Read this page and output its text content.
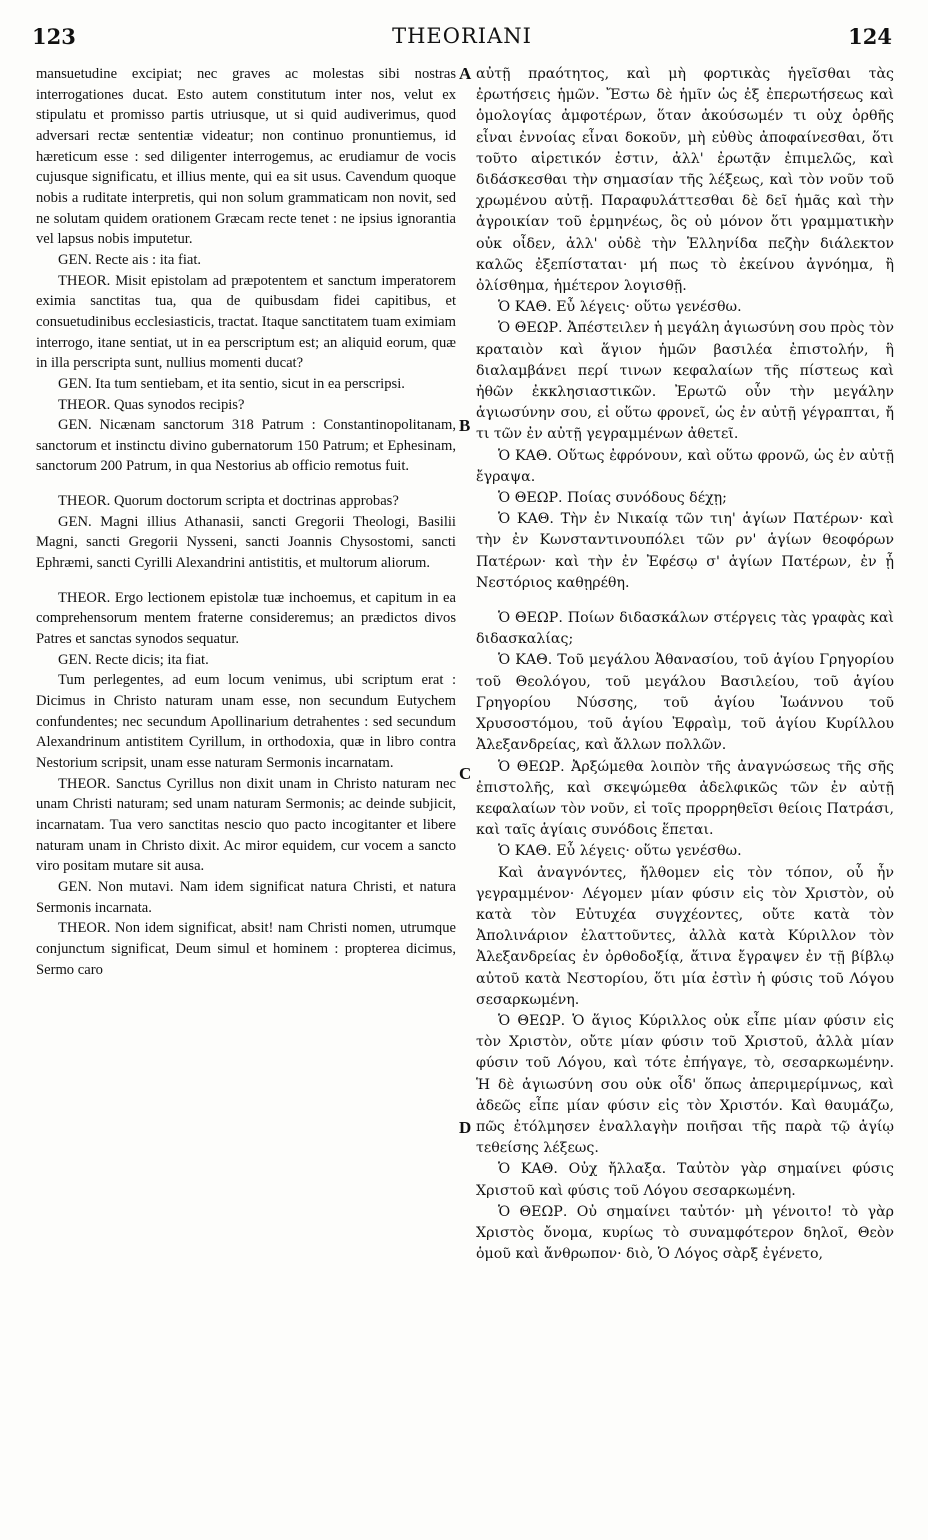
123	THEORIANI	124

mansuetudine excipiat; nec graves ac molestas sibi nostras interrogationes ducat. Esto autem constitutum inter nos, velut ex stipulatu et promisso partis utriusque, ut si quid audiverimus, quod adversari rectæ sententiæ videatur; non continuo pronuntiemus, id hæreticum esse : sed diligenter interrogemus, ac erudiamur de vocis cujusque significatu, et illius mente, qui ea sit usus. Cavendum quoque nobis a ruditate interpretis, qui non solum grammaticam non novit, sed ne solutam quidem orationem Græcam recte tenet : ne ipsius ignorantia vel lapsus nobis imputetur.

GEN. Recte ais : ita fiat.

THEOR. Misit epistolam ad præpotentem et sanctum imperatorem eximia sanctitas tua, qua de quibusdam fidei capitibus, et consuetudinibus ecclesiasticis, tractat. Itaque sanctitatem tuam eximiam interrogo, itane sentiat, ut in ea perscriptum est; an aliquid eorum, quæ in illa perscripta sunt, nullius momenti ducat?

GEN. Ita tum sentiebam, et ita sentio, sicut in ea perscripsi.

THEOR. Quas synodos recipis?

GEN. Nicænam sanctorum 318 Patrum : Constantinopolitanam, sanctorum et instinctu divino gubernatorum 150 Patrum; et Ephesinam, sanctorum 200 Patrum, in qua Nestorius ab officio remotus fuit.

THEOR. Quorum doctorum scripta et doctrinas approbas?

GEN. Magni illius Athanasii, sancti Gregorii Theologi, Basilii Magni, sancti Gregorii Nysseni, sancti Joannis Chysostomi, sancti Ephræmi, sancti Cyrilli Alexandrini antistitis, et multorum aliorum.

THEOR. Ergo lectionem epistolæ tuæ inchoemus, et capitum in ea comprehensorum mentem fraterne consideremus; an prædictos divos Patres et sanctas synodos sequatur.

GEN. Recte dicis; ita fiat.

Tum perlegentes, ad eum locum venimus, ubi scriptum erat : Dicimus in Christo naturam unam esse, non secundum Eutychem confundentes; nec secundum Apollinarium detrahentes : sed secundum Alexandrinum antistitem Cyrillum, in orthodoxia, quæ in libro contra Nestorium scripsit, unam esse naturam Sermonis incarnatam.

THEOR. Sanctus Cyrillus non dixit unam in Christo naturam nec unam Christi naturam; sed unam naturam Sermonis; ac deinde subjicit, incarnatam. Tua vero sanctitas nescio quo pacto incogitanter et libere naturam unam in Christo dixit. Ac miror equidem, cur vocem a sancto viro positam mutare sit ausa.

GEN. Non mutavi. Nam idem significat natura Christi, et natura Sermonis incarnata.

THEOR. Non idem significat, absit! nam Christi nomen, utrumque conjunctum significat, Deum simul et hominem : propterea dicimus, Sermo caro

αὐτῇ πραότητος, καὶ μὴ φορτικὰς ἡγεῖσθαι τὰς ἐρωτήσεις ἡμῶν. Ἔστω δὲ ἡμῖν ὡς ἐξ ἐπερωτήσεως καὶ ὁμολογίας ἀμφοτέρων, ὅταν ἀκούσωμέν τι οὐχ ὀρθῆς εἶναι ἐννοίας εἶναι δοκοῦν, μὴ εὐθὺς ἀποφαίνεσθαι, ὅτι τοῦτο αἱρετικόν ἐστιν, ἀλλ' ἐρωτᾷν ἐπιμελῶς, καὶ διδάσκεσθαι τὴν σημασίαν τῆς λέξεως, καὶ τὸν νοῦν τοῦ χρωμένου αὐτῇ. Παραφυλάττεσθαι δὲ δεῖ ἡμᾶς καὶ τὴν ἀγροικίαν τοῦ ἑρμηνέως, ὃς οὐ μόνον ὅτι γραμματικὴν οὐκ οἶδεν, ἀλλ' οὐδὲ τὴν Ἑλληνίδα πεζὴν διάλεκτον καλῶς ἐξεπίσταται· μή πως τὸ ἐκείνου ἀγνόημα, ἢ ὀλίσθημα, ἡμέτερον λογισθῇ.

Ὁ ΚΑΘ. Εὖ λέγεις· οὕτω γενέσθω.

Ὁ ΘΕΩΡ. Ἀπέστειλεν ἡ μεγάλη ἁγιωσύνη σου πρὸς τὸν κραταιὸν καὶ ἅγιον ἡμῶν βασιλέα ἐπιστολήν, ἣ διαλαμβάνει περί τινων κεφαλαίων τῆς πίστεως καὶ ἠθῶν ἐκκλησιαστικῶν. Ἐρωτῶ οὖν τὴν μεγάλην ἁγιωσύνην σου, εἰ οὕτω φρονεῖ, ὡς ἐν αὐτῇ γέγραπται, ἤ τι τῶν ἐν αὐτῇ γεγραμμένων ἀθετεῖ.

Ὁ ΚΑΘ. Οὕτως ἐφρόνουν, καὶ οὕτω φρονῶ, ὡς ἐν αὐτῇ ἔγραψα.

Ὁ ΘΕΩΡ. Ποίας συνόδους δέχῃ;

Ὁ ΚΑΘ. Τὴν ἐν Νικαίᾳ τῶν τιη' ἁγίων Πατέρων· καὶ τὴν ἐν Κωνσταντινουπόλει τῶν ρν' ἁγίων θεοφόρων Πατέρων· καὶ τὴν ἐν Ἐφέσῳ σ' ἁγίων Πατέρων, ἐν ᾗ Νεστόριος καθῃρέθη.

Ὁ ΘΕΩΡ. Ποίων διδασκάλων στέργεις τὰς γραφὰς καὶ διδασκαλίας;

Ὁ ΚΑΘ. Τοῦ μεγάλου Ἀθανασίου, τοῦ ἁγίου Γρηγορίου τοῦ Θεολόγου, τοῦ μεγάλου Βασιλείου, τοῦ ἁγίου Γρηγορίου Νύσσης, τοῦ ἁγίου Ἰωάννου τοῦ Χρυσοστόμου, τοῦ ἁγίου Ἐφραὶμ, τοῦ ἁγίου Κυρίλλου Ἀλεξανδρείας, καὶ ἄλλων πολλῶν.

Ὁ ΘΕΩΡ. Ἀρξώμεθα λοιπὸν τῆς ἀναγνώσεως τῆς σῆς ἐπιστολῆς, καὶ σκεψώμεθα ἀδελφικῶς τῶν ἐν αὐτῇ κεφαλαίων τὸν νοῦν, εἰ τοῖς προρρηθεῖσι θείοις Πατράσι, καὶ ταῖς ἁγίαις συνόδοις ἕπεται.

Ὁ ΚΑΘ. Εὖ λέγεις· οὕτω γενέσθω.

Καὶ ἀναγνόντες, ἤλθομεν εἰς τὸν τόπον, οὗ ἦν γεγραμμένον· Λέγομεν μίαν φύσιν εἰς τὸν Χριστὸν, οὐ κατὰ τὸν Εὐτυχέα συγχέοντες, οὔτε κατὰ τὸν Ἀπολινάριον ἐλαττοῦντες, ἀλλὰ κατὰ Κύριλλον τὸν Ἀλεξανδρείας ἐν ὀρθοδοξίᾳ, ἅτινα ἔγραψεν ἐν τῇ βίβλῳ αὐτοῦ κατὰ Νεστορίου, ὅτι μία ἐστὶν ἡ φύσις τοῦ Λόγου σεσαρκωμένη.

Ὁ ΘΕΩΡ. Ὁ ἅγιος Κύριλλος οὐκ εἶπε μίαν φύσιν εἰς τὸν Χριστὸν, οὔτε μίαν φύσιν τοῦ Χριστοῦ, ἀλλὰ μίαν φύσιν τοῦ Λόγου, καὶ τότε ἐπήγαγε, τὸ, σεσαρκωμένην. Ἡ δὲ ἁγιωσύνη σου οὐκ οἶδ' ὅπως ἀπεριμερίμνως, καὶ ἀδεῶς εἶπε μίαν φύσιν εἰς τὸν Χριστόν. Καὶ θαυμάζω, πῶς ἐτόλμησεν ἐναλλαγὴν ποιῆσαι τῆς παρὰ τῷ ἁγίῳ τεθείσης λέξεως.

Ὁ ΚΑΘ. Οὐχ ἤλλαξα. Ταὐτὸν γὰρ σημαίνει φύσις Χριστοῦ καὶ φύσις τοῦ Λόγου σεσαρκωμένη.

Ὁ ΘΕΩΡ. Οὐ σημαίνει ταὐτόν· μὴ γένοιτο! τὸ γὰρ Χριστὸς ὄνομα, κυρίως τὸ συναμφότερον δηλοῖ, Θεὸν ὁμοῦ καὶ ἄνθρωπον· διὸ, Ὁ Λόγος σὰρξ ἐγένετο,

A
B
C
D
